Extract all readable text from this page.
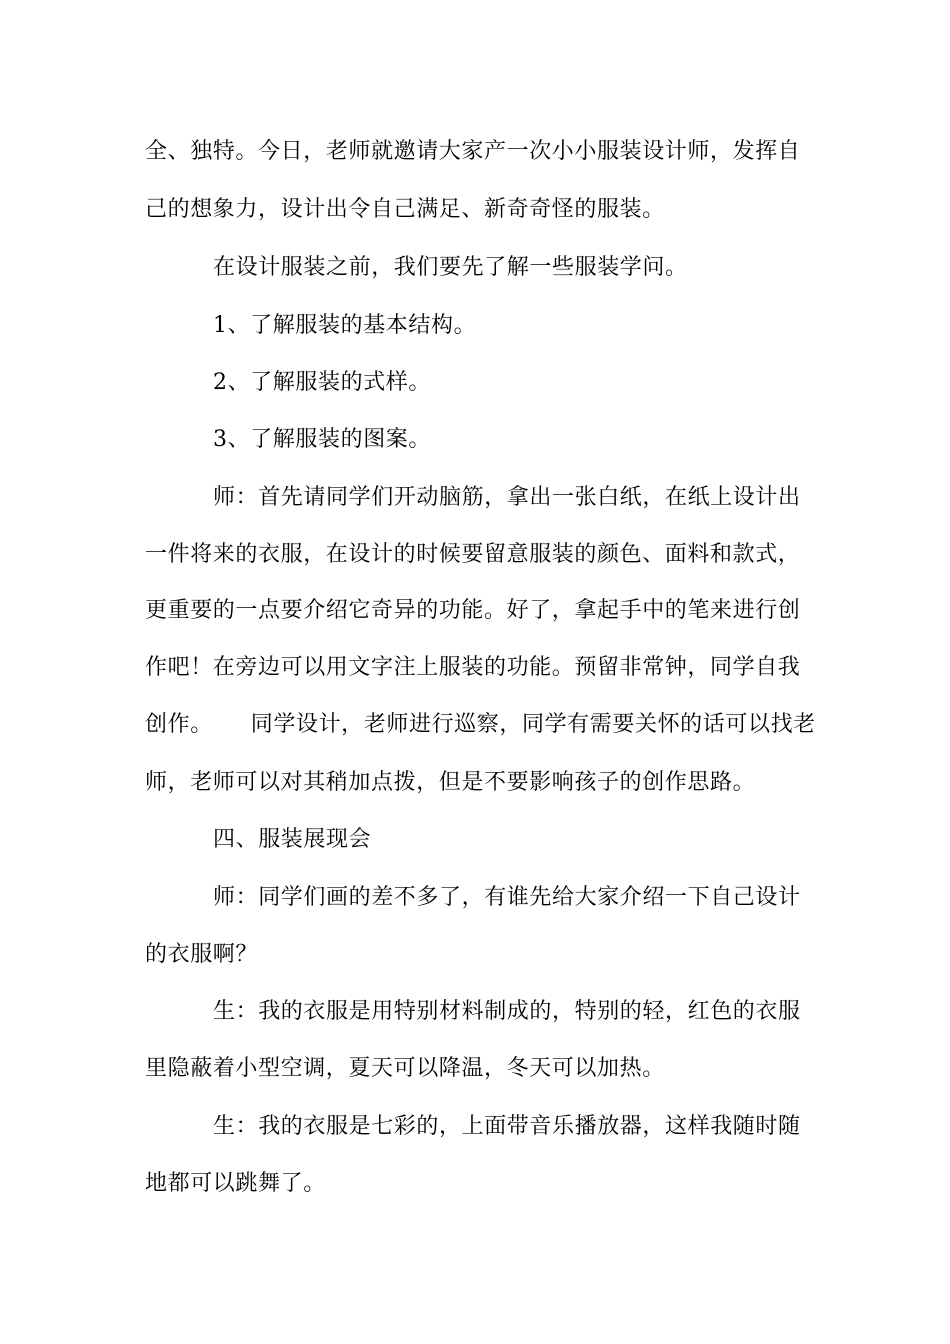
全、独特。今日，老师就邀请大家产一次小小服装设计师，发挥自
己的想象力，设计出令自己满足、新奇奇怪的服装。
在设计服装之前，我们要先了解一些服装学问。
1、了解服装的基本结构。
2、了解服装的式样。
3、了解服装的图案。
师：首先请同学们开动脑筋，拿出一张白纸，在纸上设计出
一件将来的衣服，在设计的时候要留意服装的颜色、面料和款式，
更重要的一点要介绍它奇异的功能。好了，拿起手中的笔来进行创
作吧！在旁边可以用文字注上服装的功能。预留非常钟，同学自我
创作。     同学设计，老师进行巡察，同学有需要关怀的话可以找老
师，老师可以对其稍加点拨，但是不要影响孩子的创作思路。
四、服装展现会
师：同学们画的差不多了，有谁先给大家介绍一下自己设计
的衣服啊？
生：我的衣服是用特别材料制成的，特别的轻，红色的衣服
里隐蔽着小型空调，夏天可以降温，冬天可以加热。
生：我的衣服是七彩的，上面带音乐播放器，这样我随时随
地都可以跳舞了。
